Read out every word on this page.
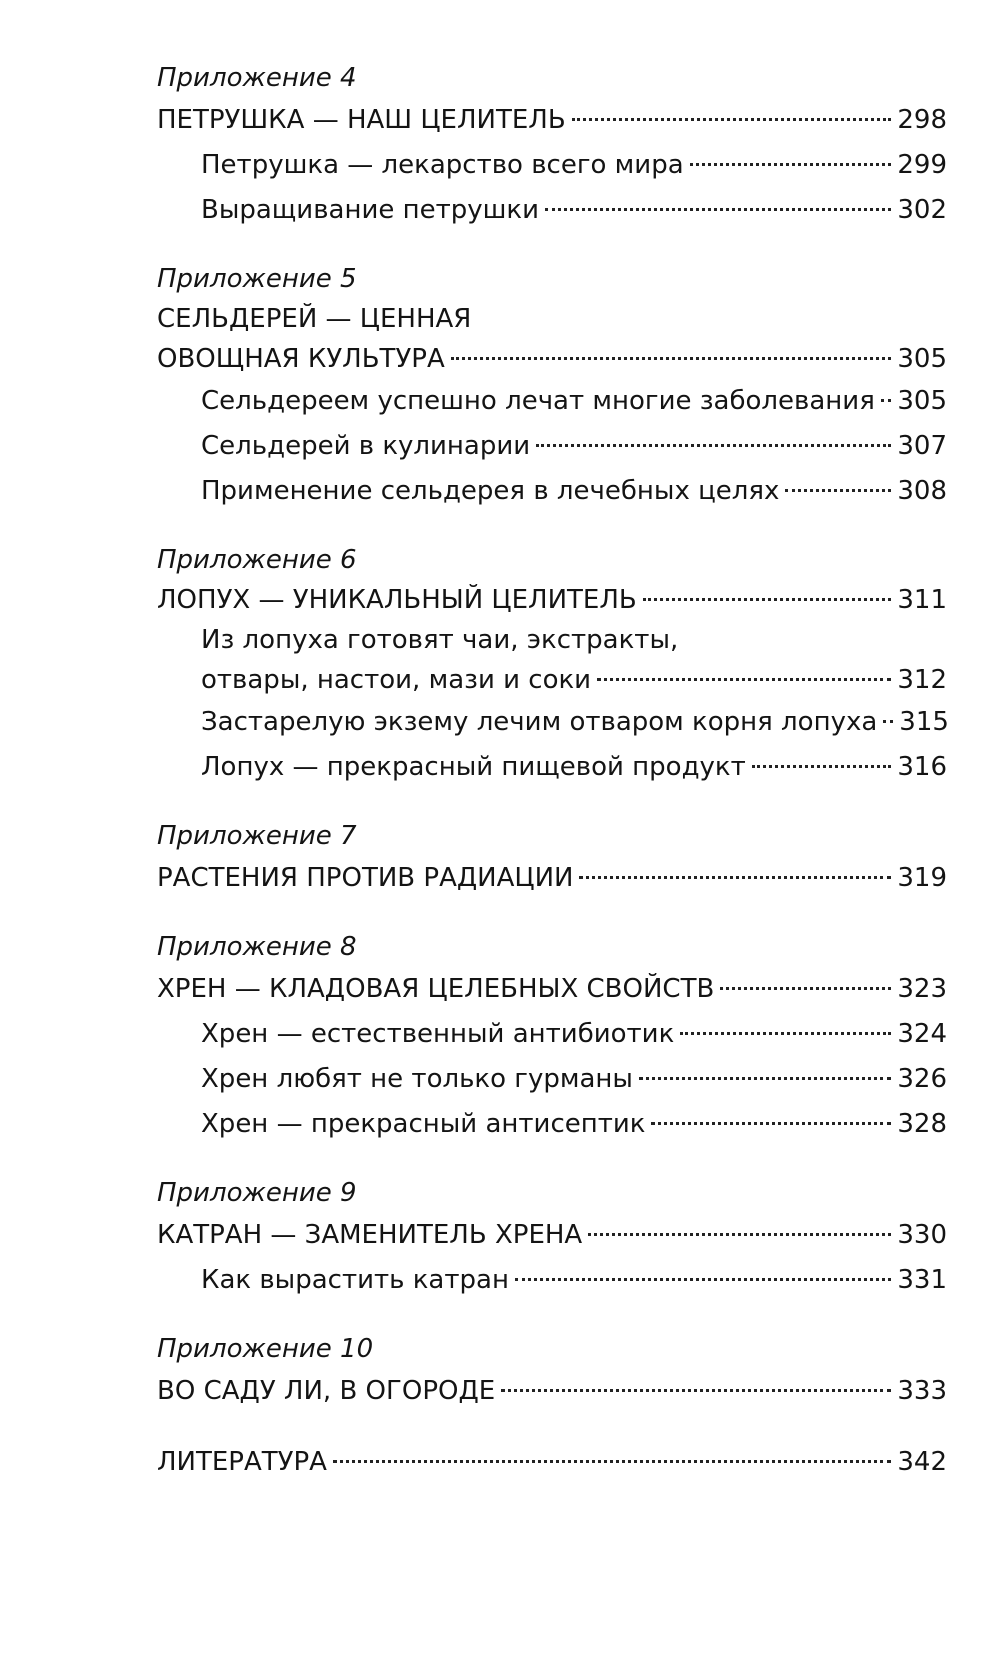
Приложение 4
ПЕТРУШКА — НАШ ЦЕЛИТЕЛЬ	298
Петрушка — лекарство всего мира	299
Выращивание петрушки	302
Приложение 5
СЕЛЬДЕРЕЙ — ЦЕННАЯ
ОВОЩНАЯ КУЛЬТУРА	305
Сельдереем успешно лечат многие заболевания 305
Сельдерей в кулинарии	307
Применение сельдерея в лечебных целях	308
Приложение 6
ЛОПУХ — УНИКАЛЬНЫЙ ЦЕЛИТЕЛЬ	311
Из лопуха готовят чаи, экстракты,
отвары, настои, мази и соки	312
Застарелую экзему лечим отваром корня лопуха 315
Лопух — прекрасный пищевой продукт	316
Приложение 7
РАСТЕНИЯ ПРОТИВ РАДИАЦИИ	319
Приложение 8
ХРЕН — КЛАДОВАЯ ЦЕЛЕБНЫХ СВОЙСТВ	323
Хрен — естественный антибиотик	324
Хрен любят не только гурманы	326
Хрен — прекрасный антисептик	328
Приложение 9
КАТРАН — ЗАМЕНИТЕЛЬ ХРЕНА	330
Как вырастить катран	331
Приложение 10
ВО САДУ ЛИ, В ОГОРОДЕ	333
ЛИТЕРАТУРА	342
